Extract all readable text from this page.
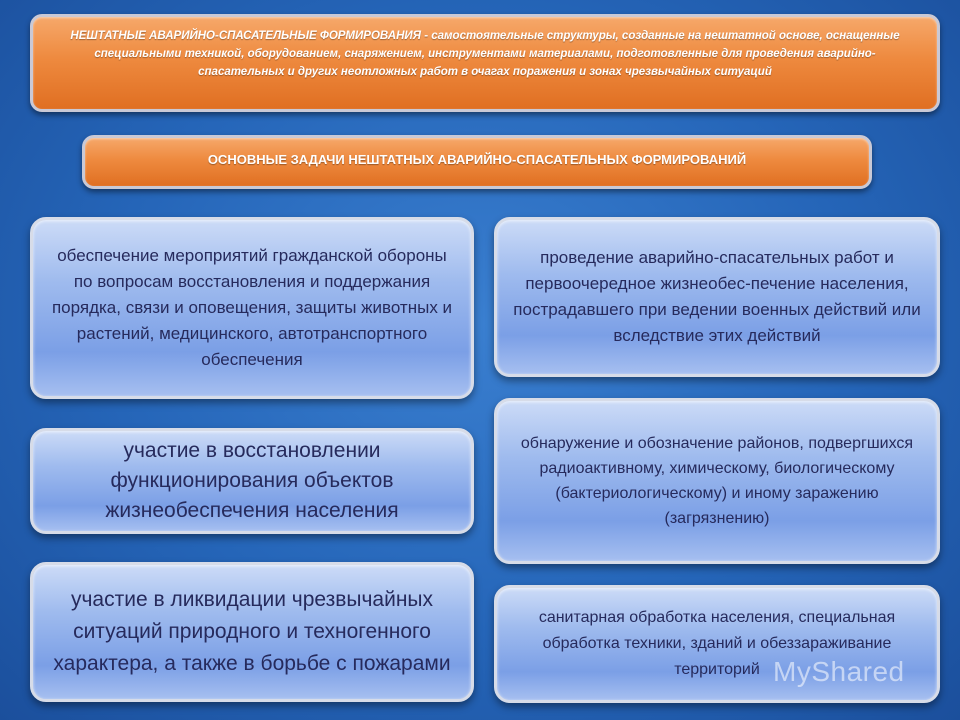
НЕШТАТНЫЕ АВАРИЙНО-СПАСАТЕЛЬНЫЕ ФОРМИРОВАНИЯ - самостоятельные структуры, созданные на нештатной основе, оснащенные специальными техникой, оборудованием, снаряжением, инструментами материалами, подготовленные для проведения аварийно-спасательных и других неотложных работ в очагах поражения и зонах чрезвычайных ситуаций
ОСНОВНЫЕ ЗАДАЧИ НЕШТАТНЫХ АВАРИЙНО-СПАСАТЕЛЬНЫХ ФОРМИРОВАНИЙ
обеспечение мероприятий гражданской обороны по вопросам восстановления и поддержания порядка, связи и оповещения, защиты животных и растений, медицинского, автотранспортного обеспечения
участие в восстановлении функционирования объектов жизнеобеспечения населения
участие в ликвидации чрезвычайных ситуаций природного и техногенного характера, а также в борьбе с пожарами
проведение аварийно-спасательных работ и первоочередное жизнеобес-печение населения, пострадавшего при ведении военных действий или вследствие этих действий
обнаружение и обозначение районов, подвергшихся радиоактивному, химическому, биологическому (бактериологическому) и иному заражению (загрязнению)
санитарная обработка населения, специальная обработка техники, зданий и обеззараживание территорий MyShared
